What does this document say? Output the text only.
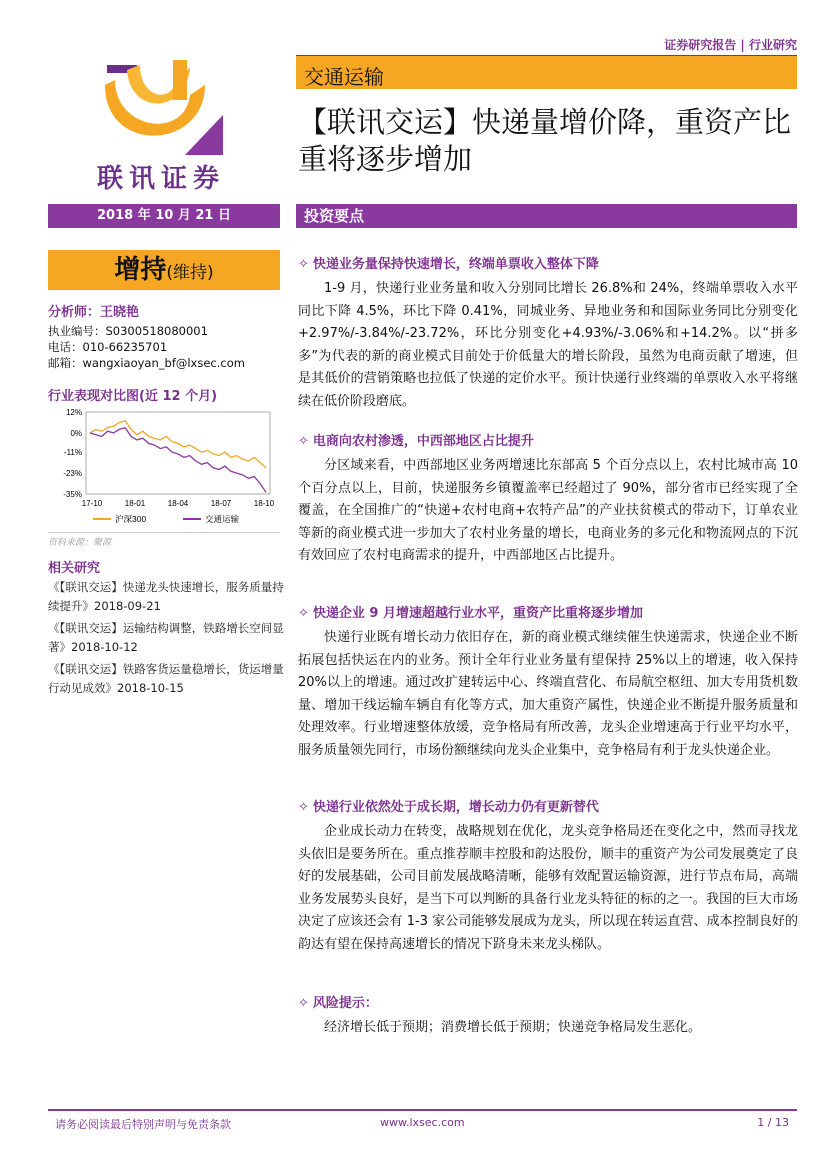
证券研究报告 | 行业研究
联讯证券
交通运输
【联讯交运】快递量增价降，重资产比重将逐步增加
2018 年 10 月 21 日	投资要点
增持(维持)
分析师：王晓艳
执业编号：S0300518080001
电话：010-66235701
邮箱：wangxiaoyan_bf@lxsec.com
行业表现对比图(近 12 个月)
12%
0%
-11%
-23%
-35%
17-10	18-01	18-04	18-07	18-10
沪深300	交通运输
资料来源：聚源
相关研究

《【联讯交运】快递龙头快速增长，服务质量持续提升》2018-09-21

《【联讯交运】运输结构调整，铁路增长空间显著》2018-10-12

《【联讯交运】铁路客货运量稳增长，货运增量行动见成效》2018-10-15

✧ 快递业务量保持快速增长，终端单票收入整体下降

1-9 月，快递行业业务量和收入分别同比增长 26.8%和 24%，终端单票收入水平同比下降 4.5%，环比下降 0.41%，同城业务、异地业务和和国际业务同比分别变化+2.97%/-3.84%/-23.72%，环比分别变化+4.93%/-3.06%和+14.2%。以“拼多多”为代表的新的商业模式目前处于价低量大的增长阶段，虽然为电商贡献了增速，但是其低价的营销策略也拉低了快递的定价水平。预计快递行业终端的单票收入水平将继续在低价阶段磨底。

✧ 电商向农村渗透，中西部地区占比提升

分区域来看，中西部地区业务两增速比东部高 5 个百分点以上，农村比城市高 10 个百分点以上，目前，快递服务乡镇覆盖率已经超过了 90%，部分省市已经实现了全覆盖，在全国推广的“快递+农村电商+农特产品”的产业扶贫模式的带动下，订单农业等新的商业模式进一步加大了农村业务量的增长，电商业务的多元化和物流网点的下沉有效回应了农村电商需求的提升，中西部地区占比提升。

✧ 快递企业 9 月增速超越行业水平，重资产比重将逐步增加

快递行业既有增长动力依旧存在，新的商业模式继续催生快递需求，快递企业不断拓展包括快运在内的业务。预计全年行业业务量有望保持 25%以上的增速，收入保持 20%以上的增速。通过改扩建转运中心、终端直营化、布局航空枢纽、加大专用货机数量、增加干线运输车辆自有化等方式，加大重资产属性，快递企业不断提升服务质量和处理效率。行业增速整体放缓，竞争格局有所改善，龙头企业增速高于行业平均水平，服务质量领先同行，市场份额继续向龙头企业集中，竞争格局有利于龙头快递企业。

✧ 快递行业依然处于成长期，增长动力仍有更新替代

企业成长动力在转变，战略规划在优化，龙头竞争格局还在变化之中，然而寻找龙头依旧是要务所在。重点推荐顺丰控股和韵达股份，顺丰的重资产为公司发展奠定了良好的发展基础，公司目前发展战略清晰，能够有效配置运输资源，进行节点布局，高端业务发展势头良好，是当下可以判断的具备行业龙头特征的标的之一。我国的巨大市场决定了应该还会有 1-3 家公司能够发展成为龙头，所以现在转运直营、成本控制良好的韵达有望在保持高速增长的情况下跻身未来龙头梯队。

✧ 风险提示：

经济增长低于预期；消费增长低于预期；快递竞争格局发生恶化。

请务必阅读最后特别声明与免责条款	www.lxsec.com	1 / 13
